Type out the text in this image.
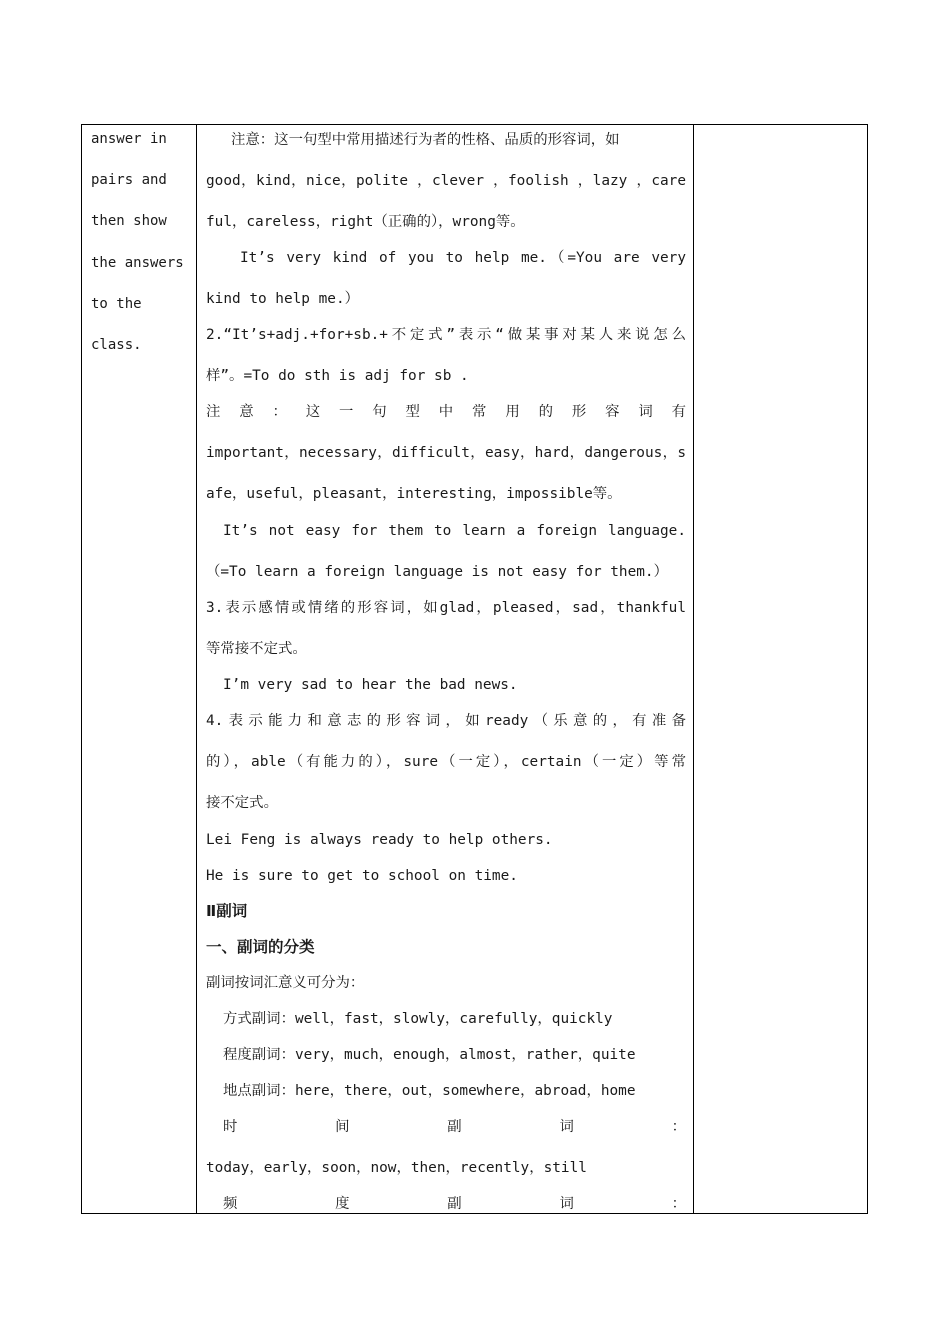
answer in
pairs and
then show
the answers
to the
class.
注意：这一句型中常用描述行为者的性格、品质的形容词，如
good，kind，nice，polite ，clever ，foolish ，lazy ，care
ful，careless，right（正确的），wrong等。
It’s very kind of you to help me.（=You are very
kind to help me.）
2.“It’s+adj.+for+sb.+不定式”表示“做某事对某人来说怎么
样”。=To do sth is adj for sb .
注 意 ： 这 一 句 型 中 常 用 的 形 容 词 有
important，necessary，difficult，easy，hard，dangerous，s
afe，useful，pleasant，interesting，impossible等。
It’s not easy for them to learn a foreign language.
（=To learn a foreign language is not easy for them.）
3.表示感情或情绪的形容词，如glad，pleased，sad，thankful
等常接不定式。
I’m very sad to hear the bad news.
4.表示能力和意志的形容词，如ready（乐意的，有准备
的），able（有能力的），sure（一定），certain（一定）等常
接不定式。
Lei Feng is always ready to help others.
He is sure to get to school on time.
Ⅱ副词
一、副词的分类
副词按词汇意义可分为：
方式副词：well，fast，slowly，carefully，quickly
程度副词：very，much，enough，almost，rather，quite
地点副词：here，there，out，somewhere，abroad，home
时　　间　　副　　词　　：
today，early，soon，now，then，recently，still
频　　度　　副　　词　　：
